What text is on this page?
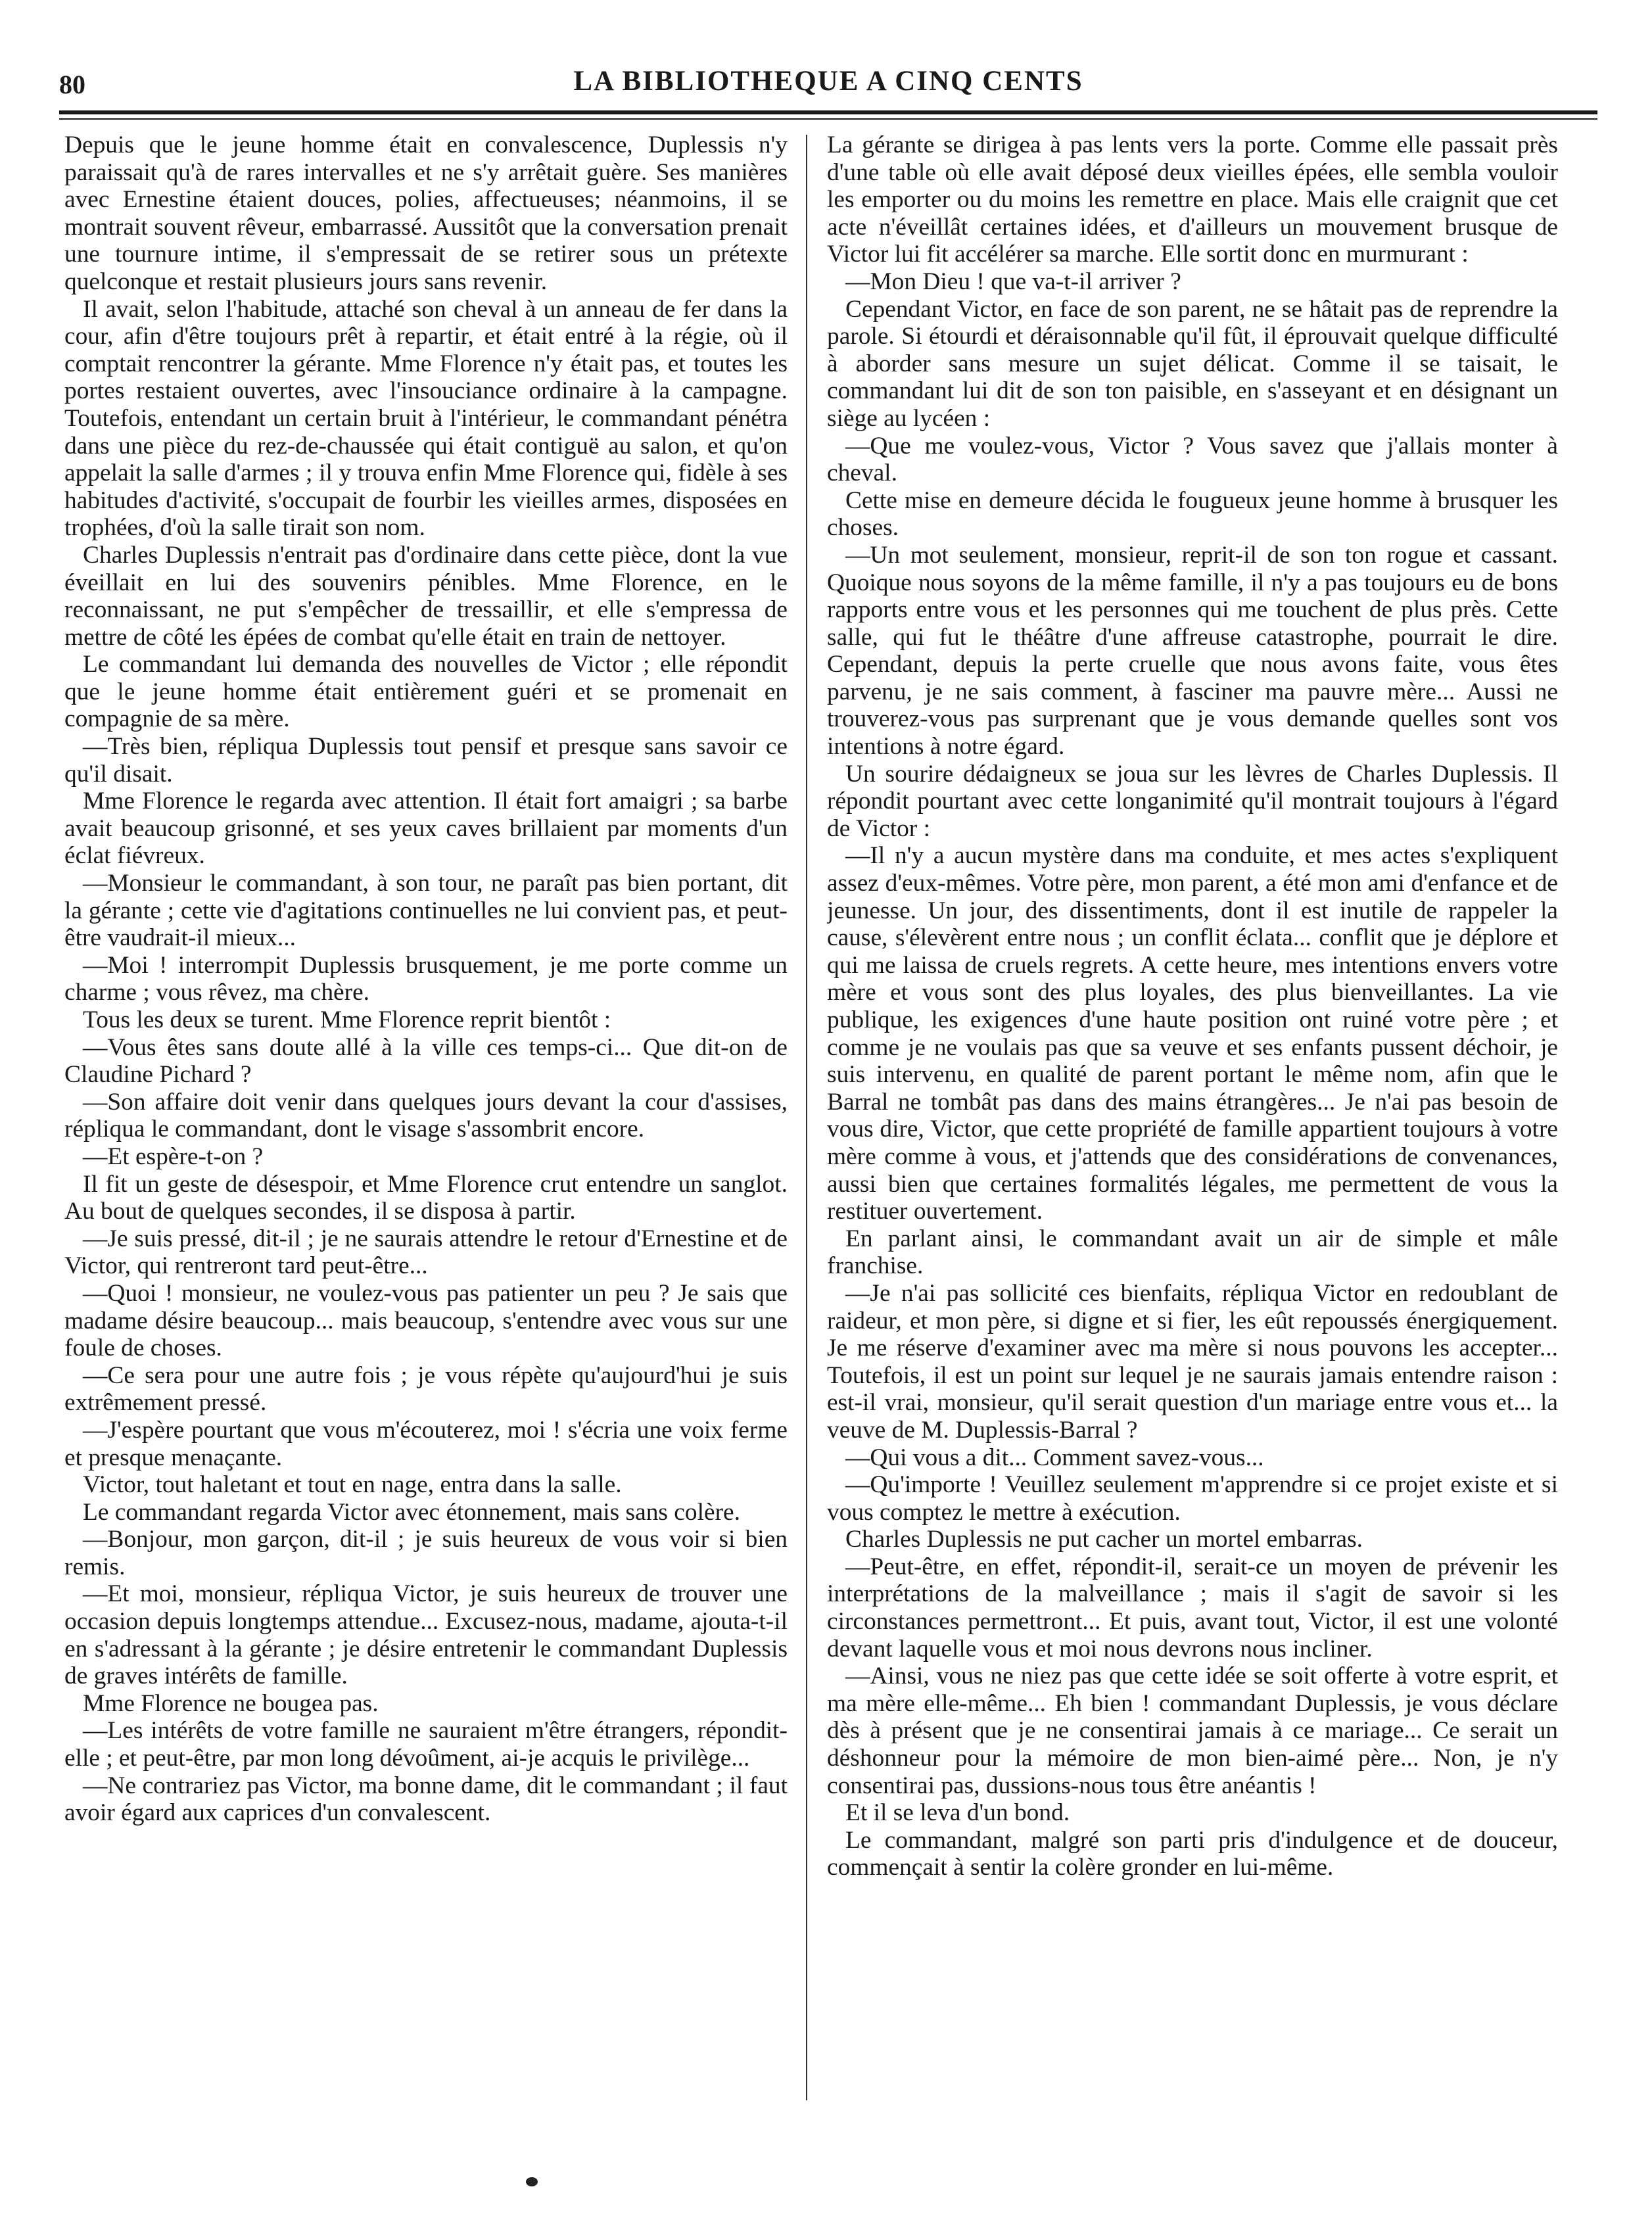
80	LA BIBLIOTHEQUE A CINQ CENTS

Depuis que le jeune homme était en convalescence, Duplessis n'y paraissait qu'à de rares intervalles et ne s'y arrêtait guère. Ses manières avec Ernestine étaient douces, polies, affectueuses; néanmoins, il se montrait souvent rêveur, embarrassé. Aussitôt que la conversation prenait une tournure intime, il s'empressait de se retirer sous un prétexte quelconque et restait plusieurs jours sans revenir.

Il avait, selon l'habitude, attaché son cheval à un anneau de fer dans la cour, afin d'être toujours prêt à repartir, et était entré à la régie, où il comptait rencontrer la gérante. Mme Florence n'y était pas, et toutes les portes restaient ouvertes, avec l'insouciance ordinaire à la campagne. Toutefois, entendant un certain bruit à l'intérieur, le commandant pénétra dans une pièce du rez-de-chaussée qui était contiguë au salon, et qu'on appelait la salle d'armes ; il y trouva enfin Mme Florence qui, fidèle à ses habitudes d'activité, s'occupait de fourbir les vieilles armes, disposées en trophées, d'où la salle tirait son nom.

Charles Duplessis n'entrait pas d'ordinaire dans cette pièce, dont la vue éveillait en lui des souvenirs pénibles. Mme Florence, en le reconnaissant, ne put s'empêcher de tressaillir, et elle s'empressa de mettre de côté les épées de combat qu'elle était en train de nettoyer.

Le commandant lui demanda des nouvelles de Victor ; elle répondit que le jeune homme était entièrement guéri et se promenait en compagnie de sa mère.

—Très bien, répliqua Duplessis tout pensif et presque sans savoir ce qu'il disait.

Mme Florence le regarda avec attention. Il était fort amaigri ; sa barbe avait beaucoup grisonné, et ses yeux caves brillaient par moments d'un éclat fiévreux.

—Monsieur le commandant, à son tour, ne paraît pas bien portant, dit la gérante ; cette vie d'agitations continuelles ne lui convient pas, et peut-être vaudrait-il mieux...

—Moi ! interrompit Duplessis brusquement, je me porte comme un charme ; vous rêvez, ma chère.

Tous les deux se turent. Mme Florence reprit bientôt :

—Vous êtes sans doute allé à la ville ces temps-ci... Que dit-on de Claudine Pichard ?

—Son affaire doit venir dans quelques jours devant la cour d'assises, répliqua le commandant, dont le visage s'assombrit encore.

—Et espère-t-on ?

Il fit un geste de désespoir, et Mme Florence crut entendre un sanglot. Au bout de quelques secondes, il se disposa à partir.

—Je suis pressé, dit-il ; je ne saurais attendre le retour d'Ernestine et de Victor, qui rentreront tard peut-être...

—Quoi ! monsieur, ne voulez-vous pas patienter un peu ? Je sais que madame désire beaucoup... mais beaucoup, s'entendre avec vous sur une foule de choses.

—Ce sera pour une autre fois ; je vous répète qu'aujourd'hui je suis extrêmement pressé.

—J'espère pourtant que vous m'écouterez, moi ! s'écria une voix ferme et presque menaçante.

Victor, tout haletant et tout en nage, entra dans la salle.

Le commandant regarda Victor avec étonnement, mais sans colère.

—Bonjour, mon garçon, dit-il ; je suis heureux de vous voir si bien remis.

—Et moi, monsieur, répliqua Victor, je suis heureux de trouver une occasion depuis longtemps attendue... Excusez-nous, madame, ajouta-t-il en s'adressant à la gérante ; je désire entretenir le commandant Duplessis de graves intérêts de famille.

Mme Florence ne bougea pas.

—Les intérêts de votre famille ne sauraient m'être étrangers, répondit-elle ; et peut-être, par mon long dévoûment, ai-je acquis le privilège...

—Ne contrariez pas Victor, ma bonne dame, dit le commandant ; il faut avoir égard aux caprices d'un convalescent.

La gérante se dirigea à pas lents vers la porte. Comme elle passait près d'une table où elle avait déposé deux vieilles épées, elle sembla vouloir les emporter ou du moins les remettre en place. Mais elle craignit que cet acte n'éveillât certaines idées, et d'ailleurs un mouvement brusque de Victor lui fit accélérer sa marche. Elle sortit donc en murmurant :

—Mon Dieu ! que va-t-il arriver ?

Cependant Victor, en face de son parent, ne se hâtait pas de reprendre la parole. Si étourdi et déraisonnable qu'il fût, il éprouvait quelque difficulté à aborder sans mesure un sujet délicat. Comme il se taisait, le commandant lui dit de son ton paisible, en s'asseyant et en désignant un siège au lycéen :

—Que me voulez-vous, Victor ? Vous savez que j'allais monter à cheval.

Cette mise en demeure décida le fougueux jeune homme à brusquer les choses.

—Un mot seulement, monsieur, reprit-il de son ton rogue et cassant. Quoique nous soyons de la même famille, il n'y a pas toujours eu de bons rapports entre vous et les personnes qui me touchent de plus près. Cette salle, qui fut le théâtre d'une affreuse catastrophe, pourrait le dire. Cependant, depuis la perte cruelle que nous avons faite, vous êtes parvenu, je ne sais comment, à fasciner ma pauvre mère... Aussi ne trouverez-vous pas surprenant que je vous demande quelles sont vos intentions à notre égard.

Un sourire dédaigneux se joua sur les lèvres de Charles Duplessis. Il répondit pourtant avec cette longanimité qu'il montrait toujours à l'égard de Victor :

—Il n'y a aucun mystère dans ma conduite, et mes actes s'expliquent assez d'eux-mêmes. Votre père, mon parent, a été mon ami d'enfance et de jeunesse. Un jour, des dissentiments, dont il est inutile de rappeler la cause, s'élevèrent entre nous ; un conflit éclata... conflit que je déplore et qui me laissa de cruels regrets. A cette heure, mes intentions envers votre mère et vous sont des plus loyales, des plus bienveillantes. La vie publique, les exigences d'une haute position ont ruiné votre père ; et comme je ne voulais pas que sa veuve et ses enfants pussent déchoir, je suis intervenu, en qualité de parent portant le même nom, afin que le Barral ne tombât pas dans des mains étrangères... Je n'ai pas besoin de vous dire, Victor, que cette propriété de famille appartient toujours à votre mère comme à vous, et j'attends que des considérations de convenances, aussi bien que certaines formalités légales, me permettent de vous la restituer ouvertement.

En parlant ainsi, le commandant avait un air de simple et mâle franchise.

—Je n'ai pas sollicité ces bienfaits, répliqua Victor en redoublant de raideur, et mon père, si digne et si fier, les eût repoussés énergiquement. Je me réserve d'examiner avec ma mère si nous pouvons les accepter... Toutefois, il est un point sur lequel je ne saurais jamais entendre raison : est-il vrai, monsieur, qu'il serait question d'un mariage entre vous et... la veuve de M. Duplessis-Barral ?

—Qui vous a dit... Comment savez-vous...

—Qu'importe ! Veuillez seulement m'apprendre si ce projet existe et si vous comptez le mettre à exécution.

Charles Duplessis ne put cacher un mortel embarras.

—Peut-être, en effet, répondit-il, serait-ce un moyen de prévenir les interprétations de la malveillance ; mais il s'agit de savoir si les circonstances permettront... Et puis, avant tout, Victor, il est une volonté devant laquelle vous et moi nous devrons nous incliner.

—Ainsi, vous ne niez pas que cette idée se soit offerte à votre esprit, et ma mère elle-même... Eh bien ! commandant Duplessis, je vous déclare dès à présent que je ne consentirai jamais à ce mariage... Ce serait un déshonneur pour la mémoire de mon bien-aimé père... Non, je n'y consentirai pas, dussions-nous tous être anéantis !

Et il se leva d'un bond.

Le commandant, malgré son parti pris d'indulgence et de douceur, commençait à sentir la colère gronder en lui-même.
